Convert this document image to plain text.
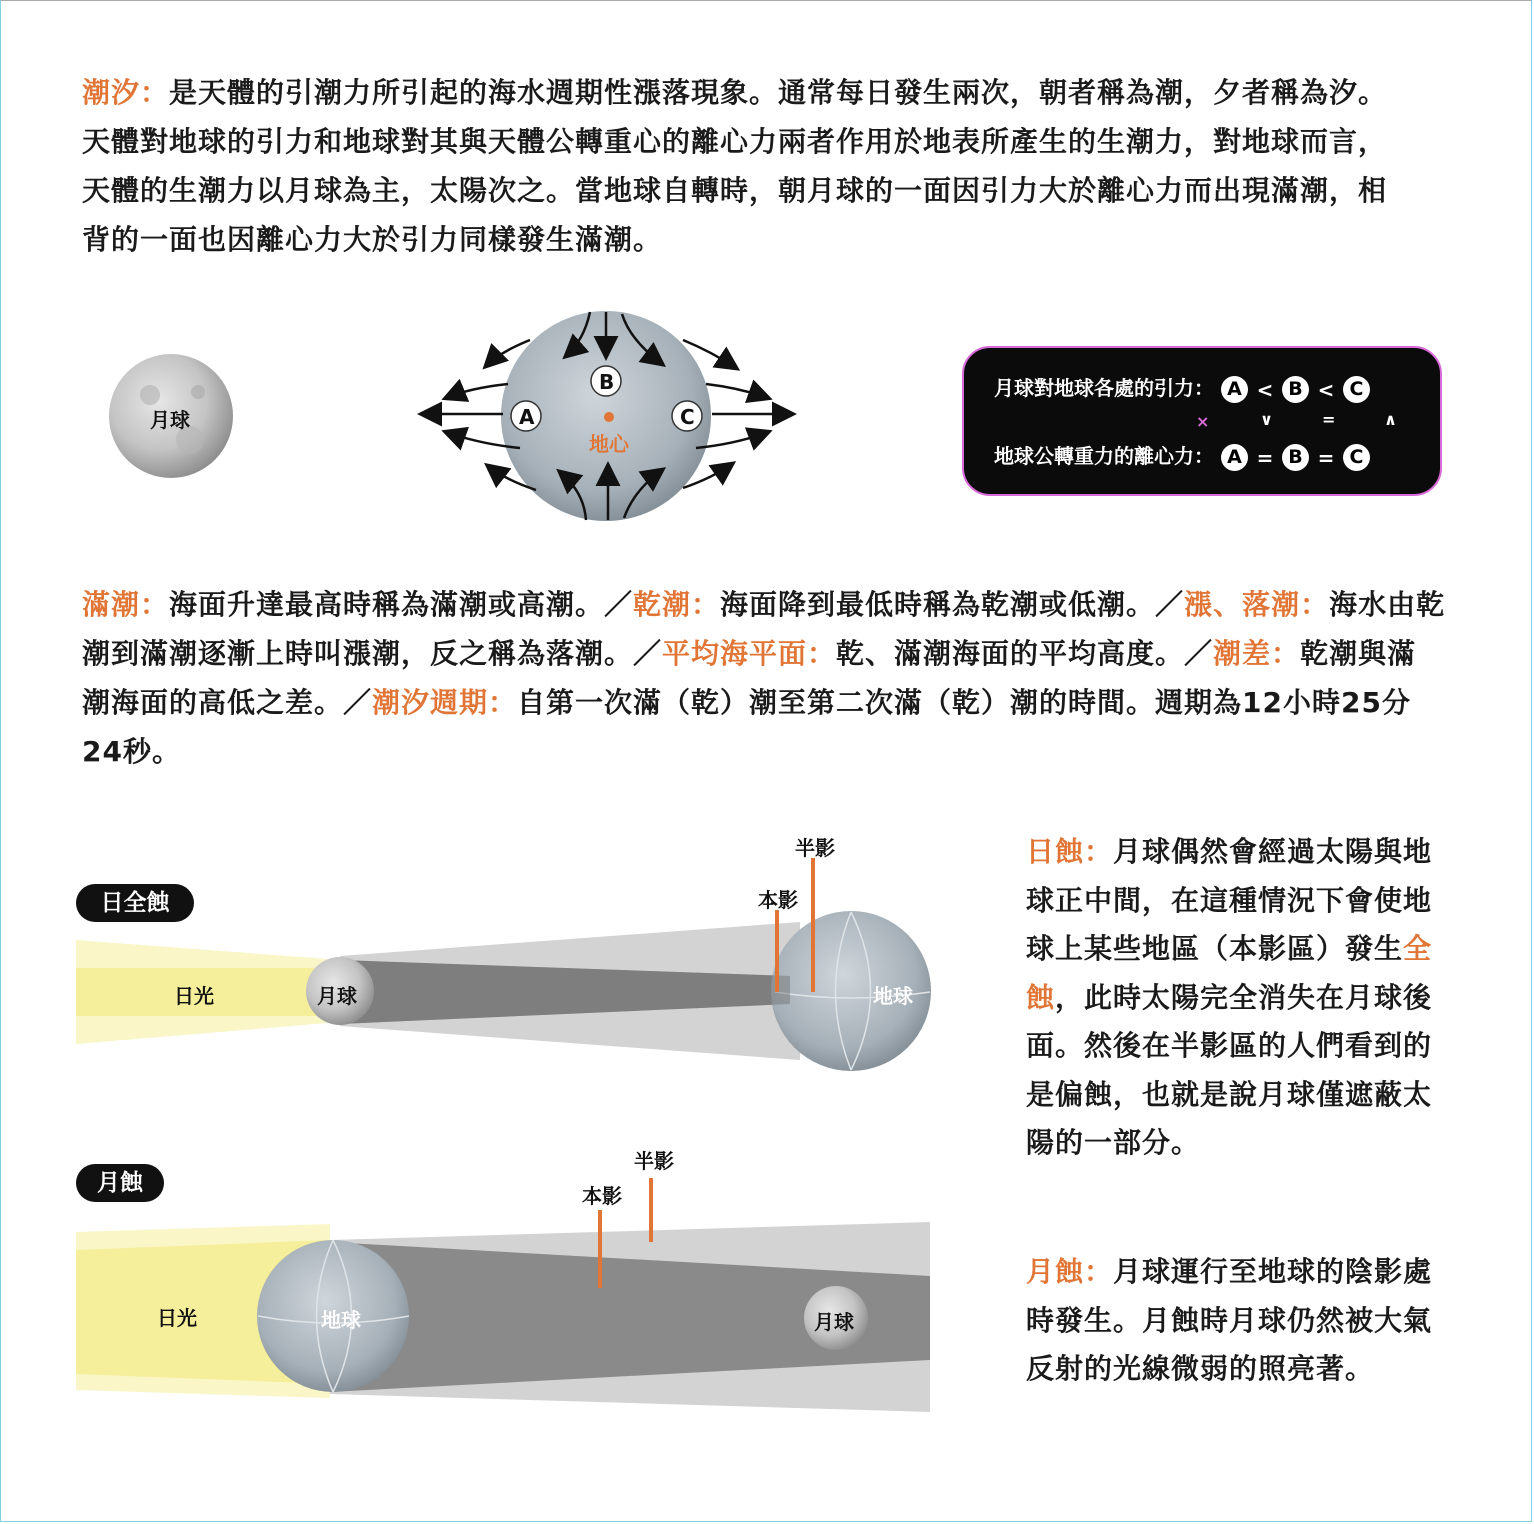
潮汐：是天體的引潮力所引起的海水週期性漲落現象。通常每日發生兩次，朝者稱為潮，夕者稱為汐。
天體對地球的引力和地球對其與天體公轉重心的離心力兩者作用於地表所產生的生潮力，對地球而言，
天體的生潮力以月球為主，太陽次之。當地球自轉時，朝月球的一面因引力大於離心力而出現滿潮，相
背的一面也因離心力大於引力同樣發生滿潮。
月球
B
A	C
地心
月球對地球各處的引力： A < B < C
×	∨	=	∧
地球公轉重力的離心力： A = B = C
滿潮：海面升達最高時稱為滿潮或高潮。／乾潮：海面降到最低時稱為乾潮或低潮。／漲、落潮：海水由乾
潮到滿潮逐漸上時叫漲潮，反之稱為落潮。／平均海平面：乾、滿潮海面的平均高度。／潮差：乾潮與滿
潮海面的高低之差。／潮汐週期：自第一次滿（乾）潮至第二次滿（乾）潮的時間。週期為12小時25分
24秒。
日全蝕
日光	月球	地球
本影
半影
月蝕
日光	地球	月球
本影
半影
日蝕：月球偶然會經過太陽與地
球正中間，在這種情況下會使地
球上某些地區（本影區）發生全
蝕，此時太陽完全消失在月球後
面。然後在半影區的人們看到的
是偏蝕，也就是說月球僅遮蔽太
陽的一部分。
月蝕：月球運行至地球的陰影處
時發生。月蝕時月球仍然被大氣
反射的光線微弱的照亮著。
